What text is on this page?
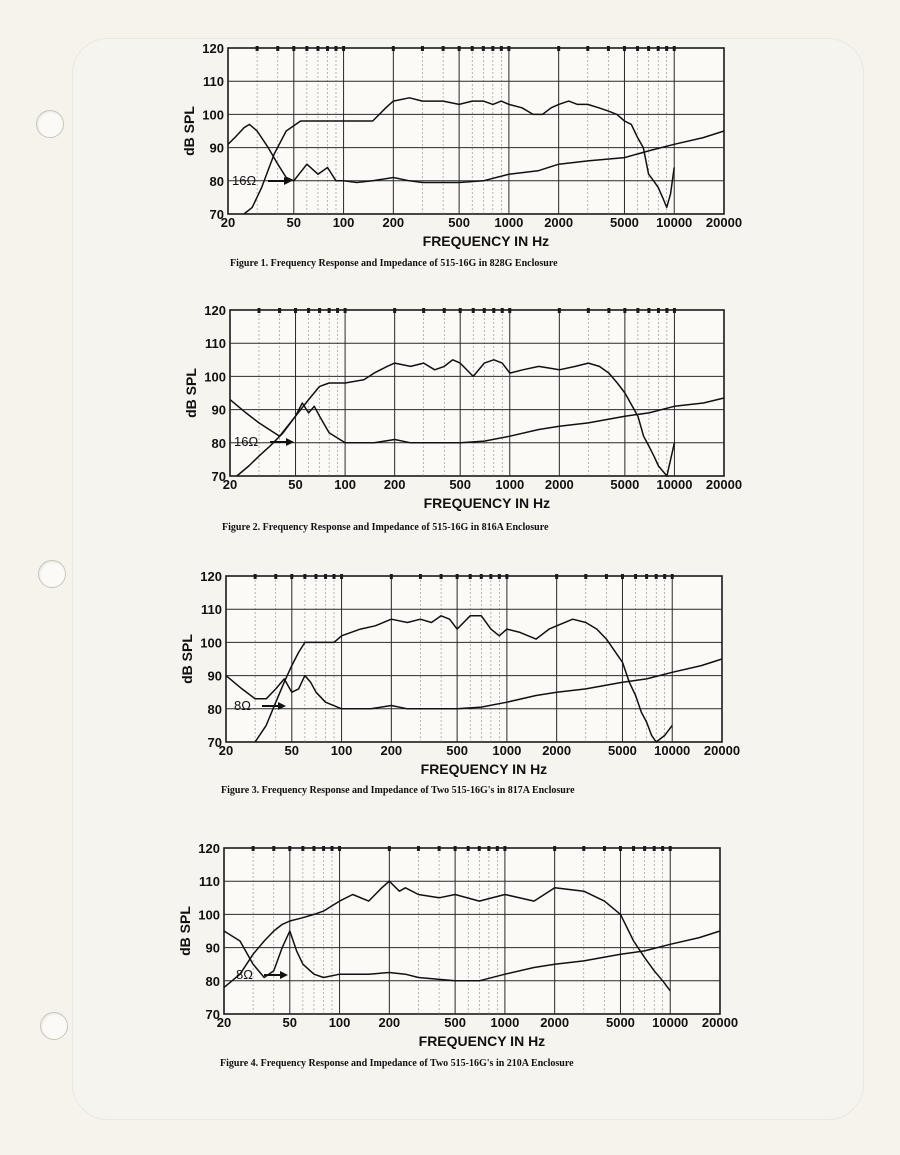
70
80
90
100
110
120
20	50 100 200	500 1000 2000	5000 10000 20000
FREQUENCY IN Hz
dB SPL
16Ω
Figure 1. Frequency Response and Impedance of 515-16G in 828G Enclosure
70
80
90
100
110
120
20	50 100 200	500 1000 2000	5000 10000 20000
FREQUENCY IN Hz
dB SPL
16Ω
Figure 2. Frequency Response and Impedance of 515-16G in 816A Enclosure
70
80
90
100
110
120
20	50 100 200	500 1000 2000	5000 10000 20000
FREQUENCY IN Hz
dB SPL
8Ω
Figure 3. Frequency Response and Impedance of Two 515-16G's in 817A Enclosure
70
80
90
100
110
120
20	50 100 200	500 1000 2000	5000 10000 20000
FREQUENCY IN Hz
dB SPL
8Ω
Figure 4. Frequency Response and Impedance of Two 515-16G's in 210A Enclosure
